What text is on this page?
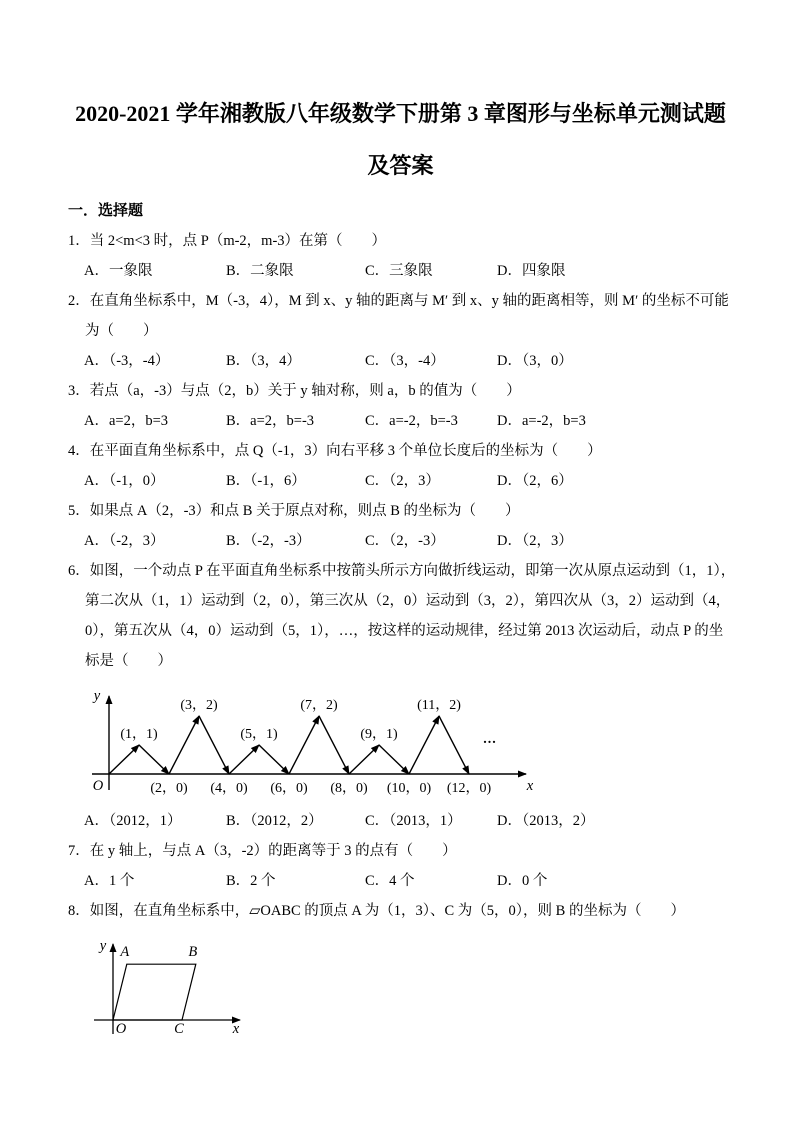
2020-2021 学年湘教版八年级数学下册第 3 章图形与坐标单元测试题
及答案
一．选择题
1．当 2<m<3 时，点 P（m-2，m-3）在第（　　）
A．一象限	B．二象限	C．三象限	D．四象限
2．在直角坐标系中，M（-3，4），M 到 x、y 轴的距离与 M′ 到 x、y 轴的距离相等，则 M′ 的坐标不可能
为（　　）
A．（-3，-4）	B．（3，4）	C．（3，-4）	D．（3，0）
3．若点（a，-3）与点（2，b）关于 y 轴对称，则 a，b 的值为（　　）
A．a=2，b=3	B．a=2，b=-3	C．a=-2，b=-3	D．a=-2，b=3
4．在平面直角坐标系中，点 Q（-1，3）向右平移 3 个单位长度后的坐标为（　　）
A．（-1，0）	B．（-1，6）	C．（2，3）	D．（2，6）
5．如果点 A（2，-3）和点 B 关于原点对称，则点 B 的坐标为（　　）
A．（-2，3）	B．（-2，-3）	C．（2，-3）	D．（2，3）
6．如图，一个动点 P 在平面直角坐标系中按箭头所示方向做折线运动，即第一次从原点运动到（1，1），
第二次从（1，1）运动到（2，0），第三次从（2，0）运动到（3，2），第四次从（3，2）运动到（4，
0），第五次从（4，0）运动到（5，1），…，按这样的运动规律，经过第 2013 次运动后，动点 P 的坐
标是（　　）
(1，1)
(3，2)
(5，1)
(7，2)
(9，1)
(11，2)
(2，0) (4，0) (6，0) (8，0) (10，0) (12，0)
O
y
x
...
A．（2012，1）	B．（2012，2）	C．（2013，1）	D．（2013，2）
7．在 y 轴上，与点 A（3，-2）的距离等于 3 的点有（　　）
A．1 个	B．2 个	C．4 个	D．0 个
8．如图，在直角坐标系中，▱OABC 的顶点 A 为（1，3）、C 为（5，0），则 B 的坐标为（　　）
O
A	B
C	x
y
